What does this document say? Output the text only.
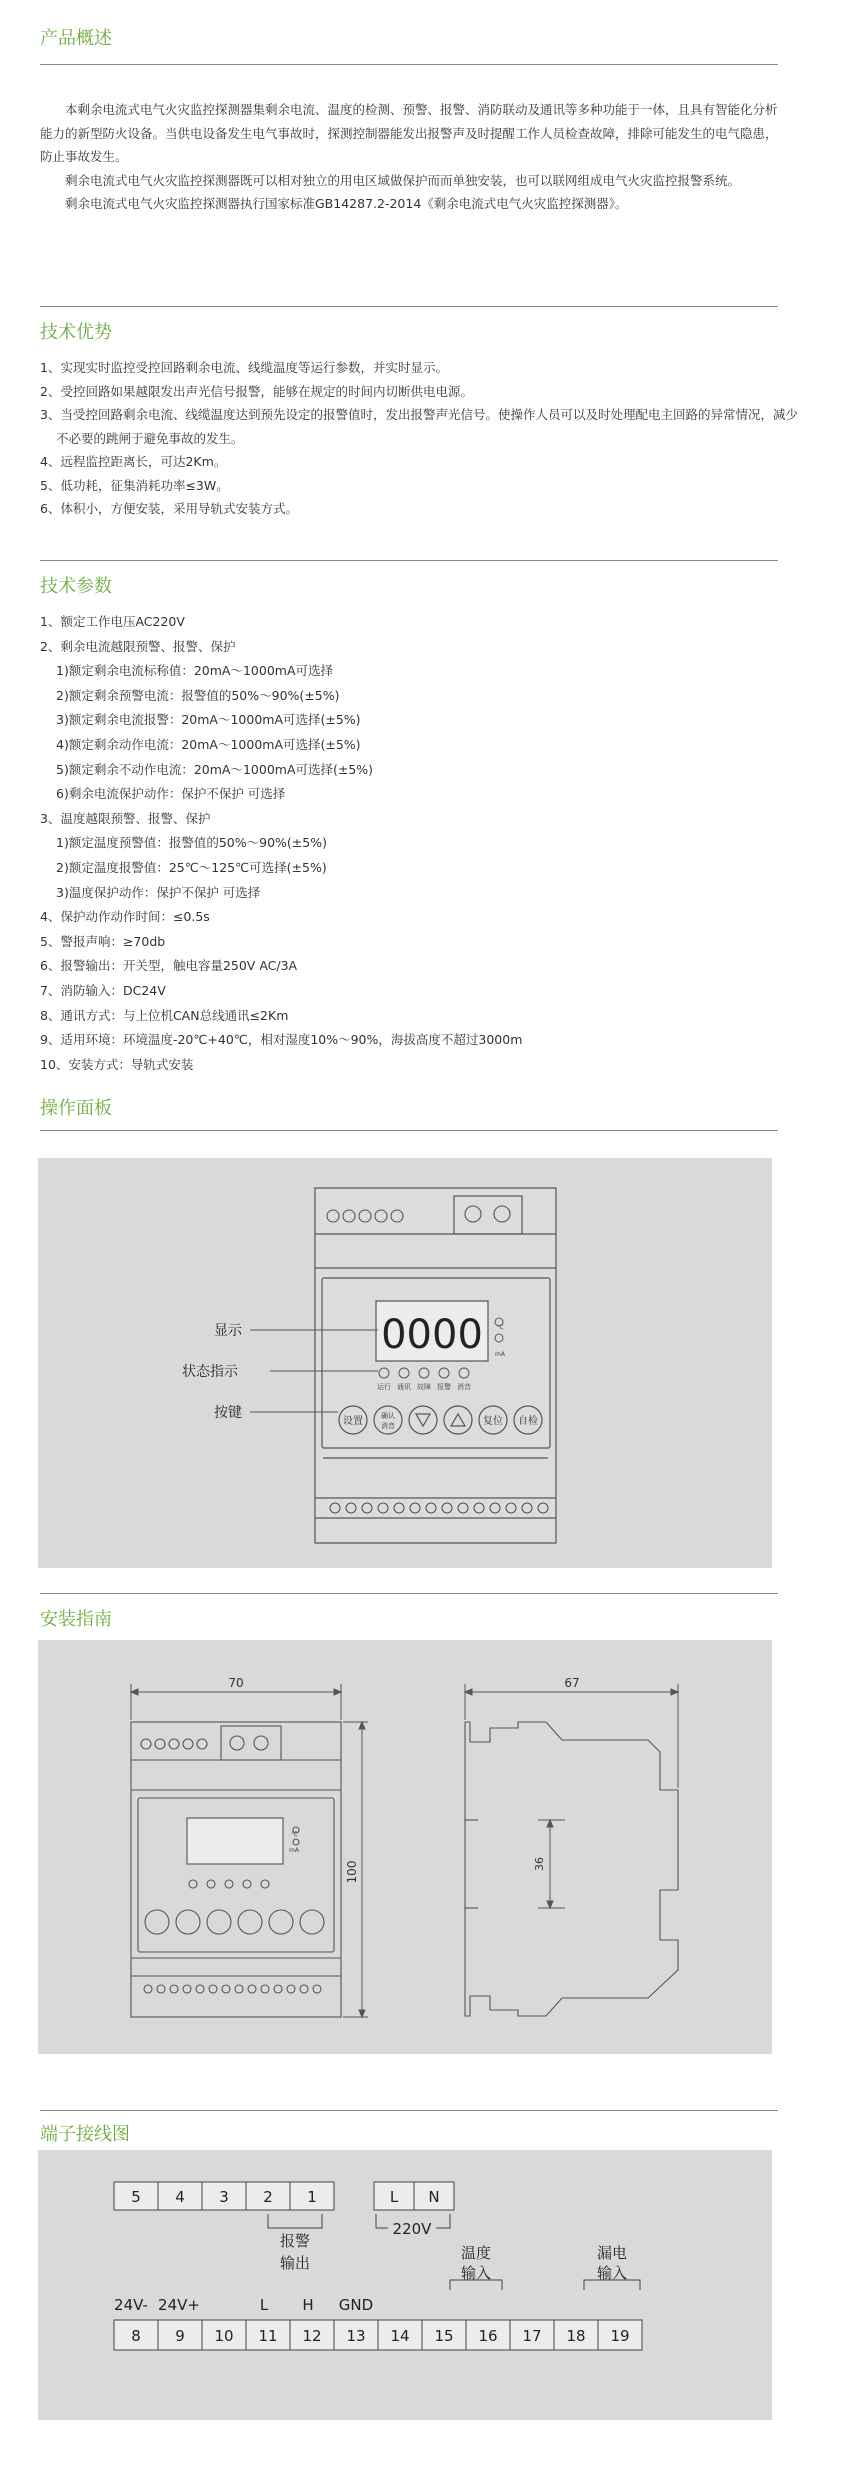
产品概述

本剩余电流式电气火灾监控探测器集剩余电流、温度的检测、预警、报警、消防联动及通讯等多种功能于一体，且具有智能化分析能力的新型防火设备。当供电设备发生电气事故时，探测控制器能发出报警声及时提醒工作人员检查故障，排除可能发生的电气隐患，防止事故发生。

剩余电流式电气火灾监控探测器既可以相对独立的用电区域做保护而而单独安装，也可以联网组成电气火灾监控报警系统。

剩余电流式电气火灾监控探测器执行国家标准GB14287.2-2014《剩余电流式电气火灾监控探测器》。

技术优势
1、实现实时监控受控回路剩余电流、线缆温度等运行参数，并实时显示。
2、受控回路如果越限发出声光信号报警，能够在规定的时间内切断供电电源。
3、当受控回路剩余电流、线缆温度达到预先设定的报警值时，发出报警声光信号。使操作人员可以及时处理配电主回路的异常情况，减少不必要的跳闸于避免事故的发生。
4、远程监控距离长，可达2Km。
5、低功耗，征集消耗功率≤3W。
6、体积小，方便安装，采用导轨式安装方式。
技术参数
1、额定工作电压AC220V
2、剩余电流越限预警、报警、保护
1)额定剩余电流标称值：20mA～1000mA可选择
2)额定剩余预警电流：报警值的50%～90%(±5%)
3)额定剩余电流报警：20mA～1000mA可选择(±5%)
4)额定剩余动作电流：20mA～1000mA可选择(±5%)
5)额定剩余不动作电流：20mA～1000mA可选择(±5%)
6)剩余电流保护动作：保护不保护 可选择
3、温度越限预警、报警、保护
1)额定温度预警值：报警值的50%～90%(±5%)
2)额定温度报警值：25℃～125℃可选择(±5%)
3)温度保护动作：保护不保护 可选择
4、保护动作动作时间：≤0.5s
5、警报声响：≥70db
6、报警输出：开关型，触电容量250V AC/3A
7、消防输入：DC24V
8、通讯方式：与上位机CAN总线通讯≤2Km
9、适用环境：环境温度-20℃+40℃，相对湿度10%～90%，海拔高度不超过3000m
10、安装方式：导轨式安装
操作面板
0000 ℃
mA
运行 通讯 故障 报警 消音
设置	确认
消音	复位 自检
显示
状态指示
按键
安装指南
℃
mA
70
100
67
36
端子接线图
5 4 3 2 1	L N
报警
输出
220V
温度
输入
漏电
输入
24V- 24V+	L H GND
8 9 10 11 12 13 14 15 16 17 18 19
